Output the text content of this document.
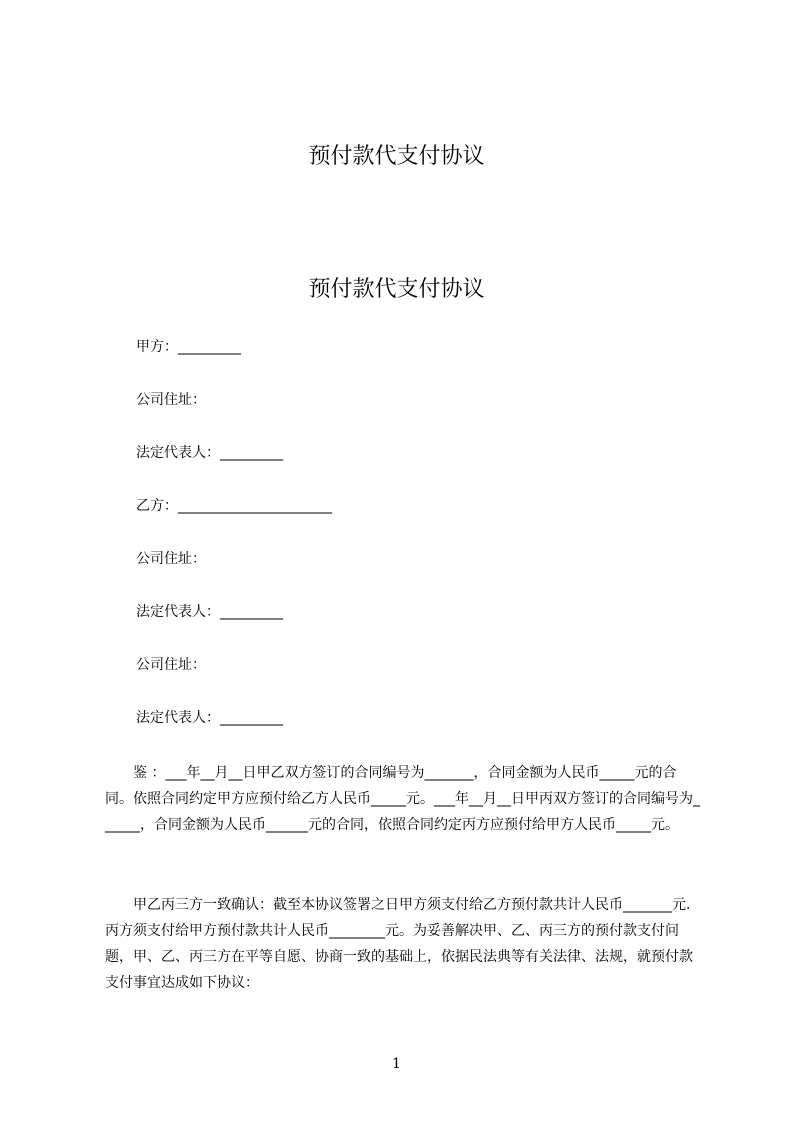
预付款代支付协议
预付款代支付协议
甲方：_________
公司住址：
法定代表人：_________
乙方：______________________
公司住址：
法定代表人：_________
公司住址：
法定代表人：_________

鉴 ：___年__月__日甲乙双方签订的合同编号为_______，合同金额为人民币_____元的合同。依照合同约定甲方应预付给乙方人民币_____元。___年__月__日甲丙双方签订的合同编号为______，合同金额为人民币______元的合同，依照合同约定丙方应预付给甲方人民币_____元。

甲乙丙三方一致确认：截至本协议签署之日甲方须支付给乙方预付款共计人民币_______元.丙方须支付给甲方预付款共计人民币________元。为妥善解决甲、乙、丙三方的预付款支付问题，甲、乙、丙三方在平等自愿、协商一致的基础上，依据民法典等有关法律、法规，就预付款支付事宜达成如下协议：

1
